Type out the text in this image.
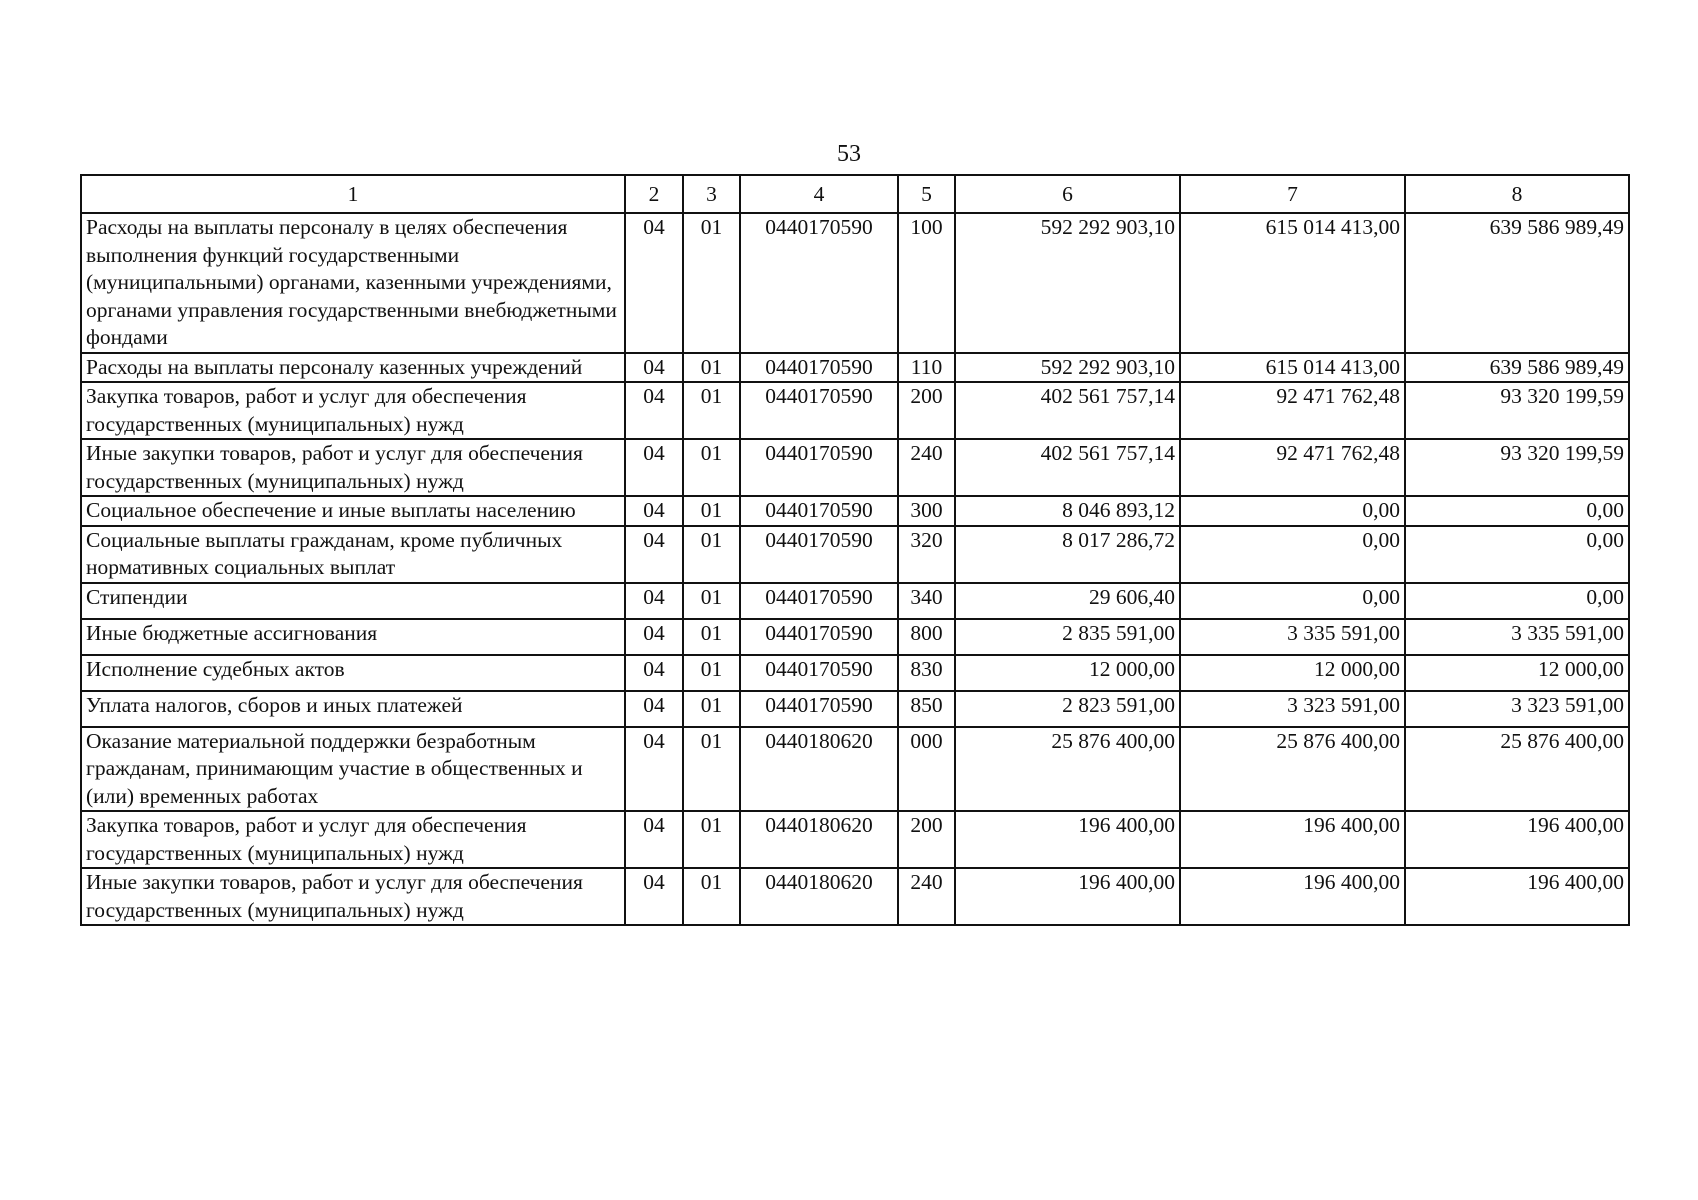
53
1	2	3	4	5	6	7	8
Расходы на выплаты персоналу в целях обеспечения выполнения функций государственными (муниципальными) органами, казенными учреждениями, органами управления государственными внебюджетными фондами	04	01	0440170590	100	592 292 903,10	615 014 413,00	639 586 989,49
Расходы на выплаты персоналу казенных учреждений	04	01	0440170590	110	592 292 903,10	615 014 413,00	639 586 989,49
Закупка товаров, работ и услуг для обеспечения государственных (муниципальных) нужд	04	01	0440170590	200	402 561 757,14	92 471 762,48	93 320 199,59
Иные закупки товаров, работ и услуг для обеспечения государственных (муниципальных) нужд	04	01	0440170590	240	402 561 757,14	92 471 762,48	93 320 199,59
Социальное обеспечение и иные выплаты населению	04	01	0440170590	300	8 046 893,12	0,00	0,00
Социальные выплаты гражданам, кроме публичных нормативных социальных выплат	04	01	0440170590	320	8 017 286,72	0,00	0,00
Стипендии	04	01	0440170590	340	29 606,40	0,00	0,00
Иные бюджетные ассигнования	04	01	0440170590	800	2 835 591,00	3 335 591,00	3 335 591,00
Исполнение судебных актов	04	01	0440170590	830	12 000,00	12 000,00	12 000,00
Уплата налогов, сборов и иных платежей	04	01	0440170590	850	2 823 591,00	3 323 591,00	3 323 591,00
Оказание материальной поддержки безработным гражданам, принимающим участие в общественных и (или) временных работах	04	01	0440180620	000	25 876 400,00	25 876 400,00	25 876 400,00
Закупка товаров, работ и услуг для обеспечения государственных (муниципальных) нужд	04	01	0440180620	200	196 400,00	196 400,00	196 400,00
Иные закупки товаров, работ и услуг для обеспечения государственных (муниципальных) нужд	04	01	0440180620	240	196 400,00	196 400,00	196 400,00
